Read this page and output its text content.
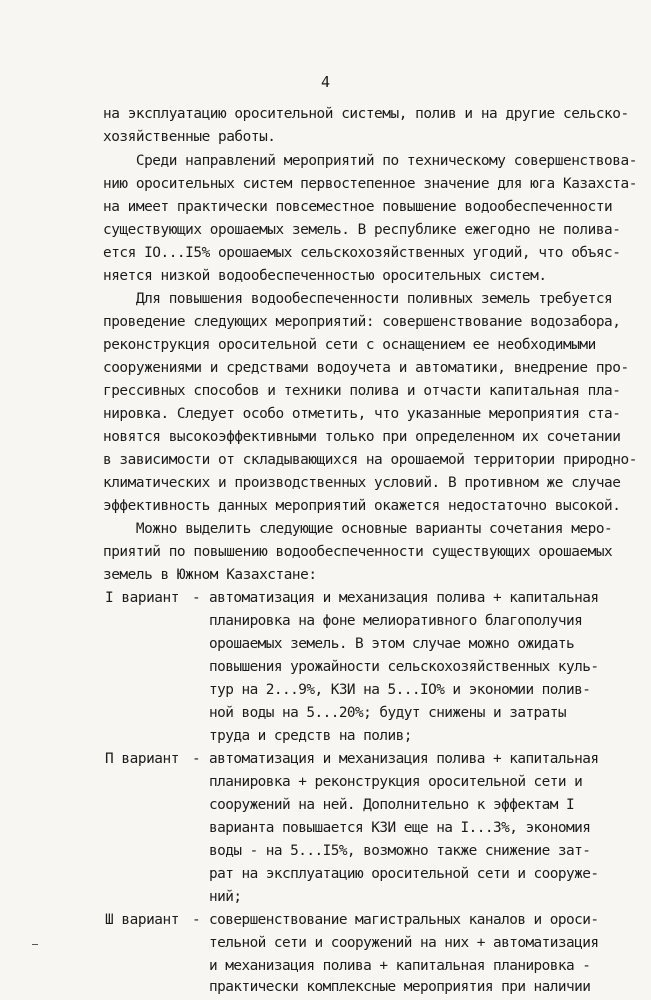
4
на эксплуатацию оросительной системы, полив и на другие сельско-
хозяйственные работы.
Среди направлений мероприятий по техническому совершенствова-
нию оросительных систем первостепенное значение для юга Казахста-
на имеет практически повсеместное повышение водообеспеченности
существующих орошаемых земель. В республике ежегодно не полива-
ется IO...I5% орошаемых сельскохозяйственных угодий, что объяс-
няется низкой водообеспеченностью оросительных систем.
Для повышения водообеспеченности поливных земель требуется
проведение следующих мероприятий: совершенствование водозабора,
реконструкция оросительной сети с оснащением ее необходимыми
сооружениями и средствами водоучета и автоматики, внедрение про-
грессивных способов и техники полива и отчасти капитальная пла-
нировка. Следует особо отметить, что указанные мероприятия ста-
новятся высокоэффективными только при определенном их сочетании
в зависимости от складывающихся на орошаемой территории природно-
климатических и производственных условий. В противном же случае
эффективность данных мероприятий окажется недостаточно высокой.
Можно выделить следующие основные варианты сочетания меро-
приятий по повышению водообеспеченности существующих орошаемых
земель в Южном Казахстане:
I вариант - автоматизация и механизация полива + капитальная
планировка на фоне мелиоративного благополучия
орошаемых земель. В этом случае можно ожидать
повышения урожайности сельскохозяйственных куль-
тур на 2...9%, КЗИ на 5...IO% и экономии полив-
ной воды на 5...20%; будут снижены и затраты
труда и средств на полив;
П вариант - автоматизация и механизация полива + капитальная
планировка + реконструкция оросительной сети и
сооружений на ней. Дополнительно к эффектам I
варианта повышается КЗИ еще на I...3%, экономия
воды - на 5...I5%, возможно также снижение зат-
рат на эксплуатацию оросительной сети и сооруже-
ний;
Ш вариант - совершенствование магистральных каналов и ороси-
тельной сети и сооружений на них + автоматизация
и механизация полива + капитальная планировка -
практически комплексные мероприятия при наличии
